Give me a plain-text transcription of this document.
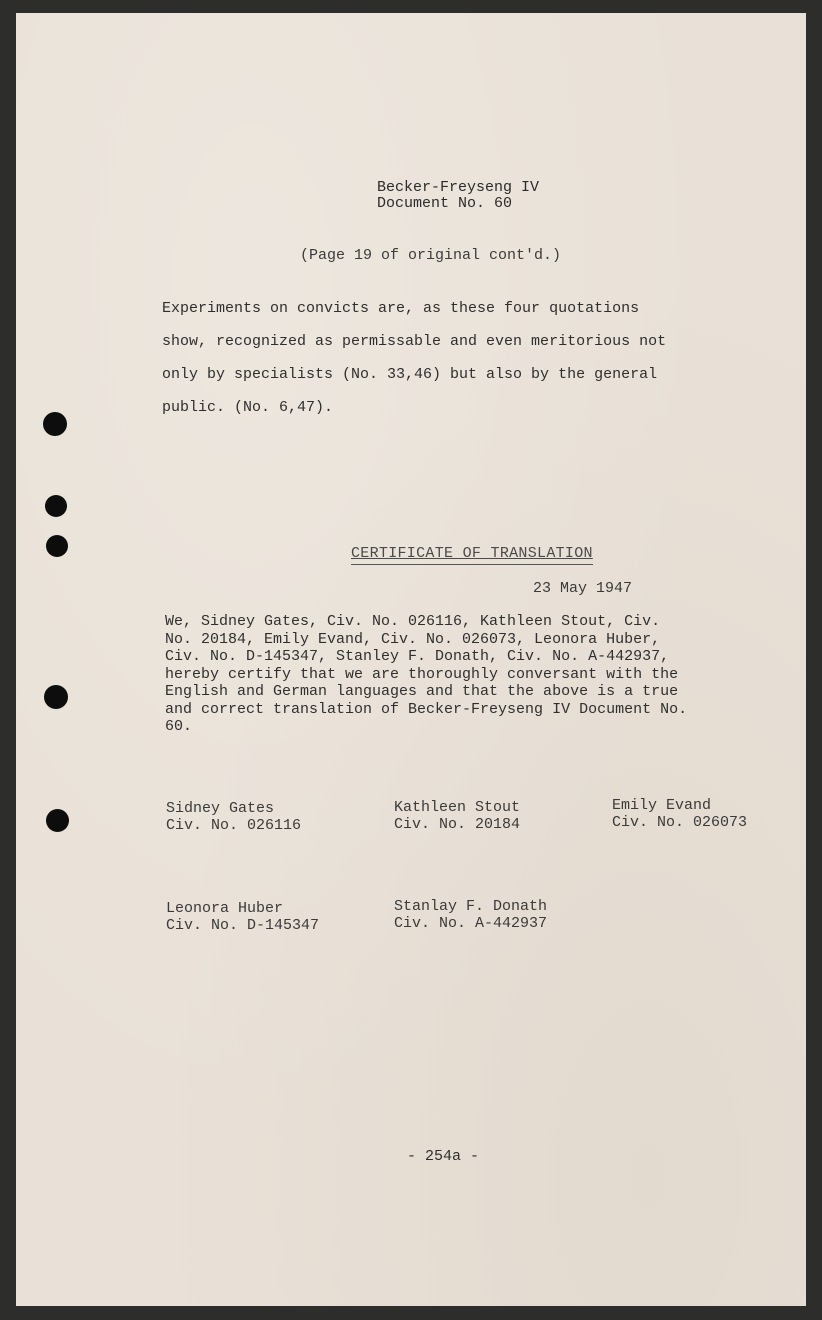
Becker-Freyseng IV
Document No. 60
(Page 19 of original cont'd.)
Experiments on convicts are, as these four quotations
show, recognized as permissable and even meritorious not
only by specialists (No. 33,46) but also by the general
public. (No. 6,47).
CERTIFICATE OF TRANSLATION
23 May 1947
We, Sidney Gates, Civ. No. 026116, Kathleen Stout, Civ.
No. 20184, Emily Evand, Civ. No. 026073, Leonora Huber,
Civ. No. D-145347, Stanley F. Donath, Civ. No. A-442937,
hereby certify that we are thoroughly conversant with the
English and German languages and that the above is a true
and correct translation of Becker-Freyseng IV Document No.
60.
Sidney Gates
Civ. No. 026116
Kathleen Stout
Civ. No. 20184
Emily Evand
Civ. No. 026073
Leonora Huber
Civ. No. D-145347
Stanlay F. Donath
Civ. No. A-442937
- 254a -
